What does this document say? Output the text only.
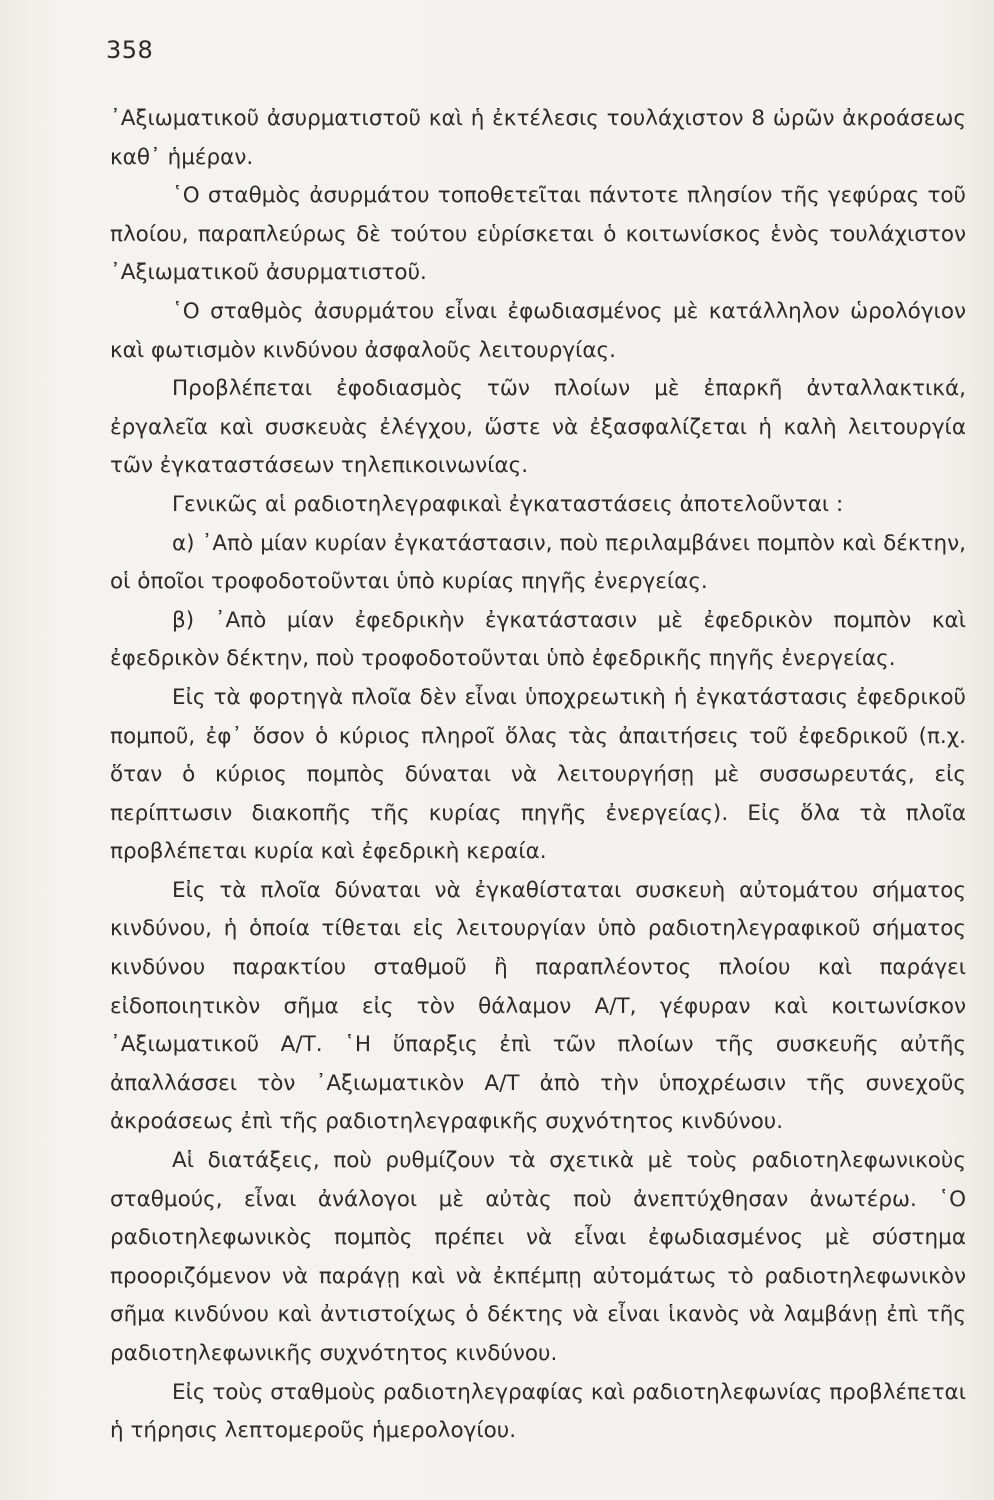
358

᾿Αξιωματικοῦ ἀσυρματιστοῦ καὶ ἡ ἐκτέλεσις τουλάχιστον 8 ὡρῶν ἀκροάσεως καθ᾿ ἡμέραν.

῾Ο σταθμὸς ἀσυρμάτου τοποθετεῖται πάντοτε πλησίον τῆς γεφύρας τοῦ πλοίου, παραπλεύρως δὲ τούτου εὑρίσκεται ὁ κοιτωνίσκος ἑνὸς τουλάχιστον ᾿Αξιωματικοῦ ἀσυρματιστοῦ.

῾Ο σταθμὸς ἀσυρμάτου εἶναι ἐφωδιασμένος μὲ κατάλληλον ὡρολόγιον καὶ φωτισμὸν κινδύνου ἀσφαλοῦς λειτουργίας.

Προβλέπεται ἐφοδιασμὸς τῶν πλοίων μὲ ἐπαρκῆ ἀνταλλακτικά, ἐργαλεῖα καὶ συσκευὰς ἐλέγχου, ὥστε νὰ ἐξασφαλίζεται ἡ καλὴ λειτουργία τῶν ἐγκαταστάσεων τηλεπικοινωνίας.

Γενικῶς αἱ ραδιοτηλεγραφικαὶ ἐγκαταστάσεις ἀποτελοῦνται :

α) ᾿Απὸ μίαν κυρίαν ἐγκατάστασιν, ποὺ περιλαμβάνει πομπὸν καὶ δέκτην, οἱ ὁποῖοι τροφοδοτοῦνται ὑπὸ κυρίας πηγῆς ἐνεργείας.

β) ᾿Απὸ μίαν ἐφεδρικὴν ἐγκατάστασιν μὲ ἐφεδρικὸν πομπὸν καὶ ἐφεδρικὸν δέκτην, ποὺ τροφοδοτοῦνται ὑπὸ ἐφεδρικῆς πηγῆς ἐνεργείας.

Εἰς τὰ φορτηγὰ πλοῖα δὲν εἶναι ὑποχρεωτικὴ ἡ ἐγκατάστασις ἐφεδρικοῦ πομποῦ, ἐφ᾿ ὅσον ὁ κύριος πληροῖ ὅλας τὰς ἀπαιτήσεις τοῦ ἐφεδρικοῦ (π.χ. ὅταν ὁ κύριος πομπὸς δύναται νὰ λειτουργήσῃ μὲ συσσωρευτάς, εἰς περίπτωσιν διακοπῆς τῆς κυρίας πηγῆς ἐνεργείας). Εἰς ὅλα τὰ πλοῖα προβλέπεται κυρία καὶ ἐφεδρικὴ κεραία.

Εἰς τὰ πλοῖα δύναται νὰ ἐγκαθίσταται συσκευὴ αὐτομάτου σήματος κινδύνου, ἡ ὁποία τίθεται εἰς λειτουργίαν ὑπὸ ραδιοτηλεγραφικοῦ σήματος κινδύνου παρακτίου σταθμοῦ ἢ παραπλέοντος πλοίου καὶ παράγει εἰδοποιητικὸν σῆμα εἰς τὸν θάλαμον Α/Τ, γέφυραν καὶ κοιτωνίσκον ᾿Αξιωματικοῦ Α/Τ. ῾Η ὕπαρξις ἐπὶ τῶν πλοίων τῆς συσκευῆς αὐτῆς ἀπαλλάσσει τὸν ᾿Αξιωματικὸν Α/Τ ἀπὸ τὴν ὑποχρέωσιν τῆς συνεχοῦς ἀκροάσεως ἐπὶ τῆς ραδιοτηλεγραφικῆς συχνότητος κινδύνου.

Αἱ διατάξεις, ποὺ ρυθμίζουν τὰ σχετικὰ μὲ τοὺς ραδιοτηλεφωνικοὺς σταθμούς, εἶναι ἀνάλογοι μὲ αὐτὰς ποὺ ἀνεπτύχθησαν ἀνωτέρω. ῾Ο ραδιοτηλεφωνικὸς πομπὸς πρέπει νὰ εἶναι ἐφωδιασμένος μὲ σύστημα προοριζόμενον νὰ παράγῃ καὶ νὰ ἐκπέμπῃ αὐτομάτως τὸ ραδιοτηλεφωνικὸν σῆμα κινδύνου καὶ ἀντιστοίχως ὁ δέκτης νὰ εἶναι ἱκανὸς νὰ λαμβάνῃ ἐπὶ τῆς ραδιοτηλεφωνικῆς συχνότητος κινδύνου.

Εἰς τοὺς σταθμοὺς ραδιοτηλεγραφίας καὶ ραδιοτηλεφωνίας προβλέπεται ἡ τήρησις λεπτομεροῦς ἡμερολογίου.
